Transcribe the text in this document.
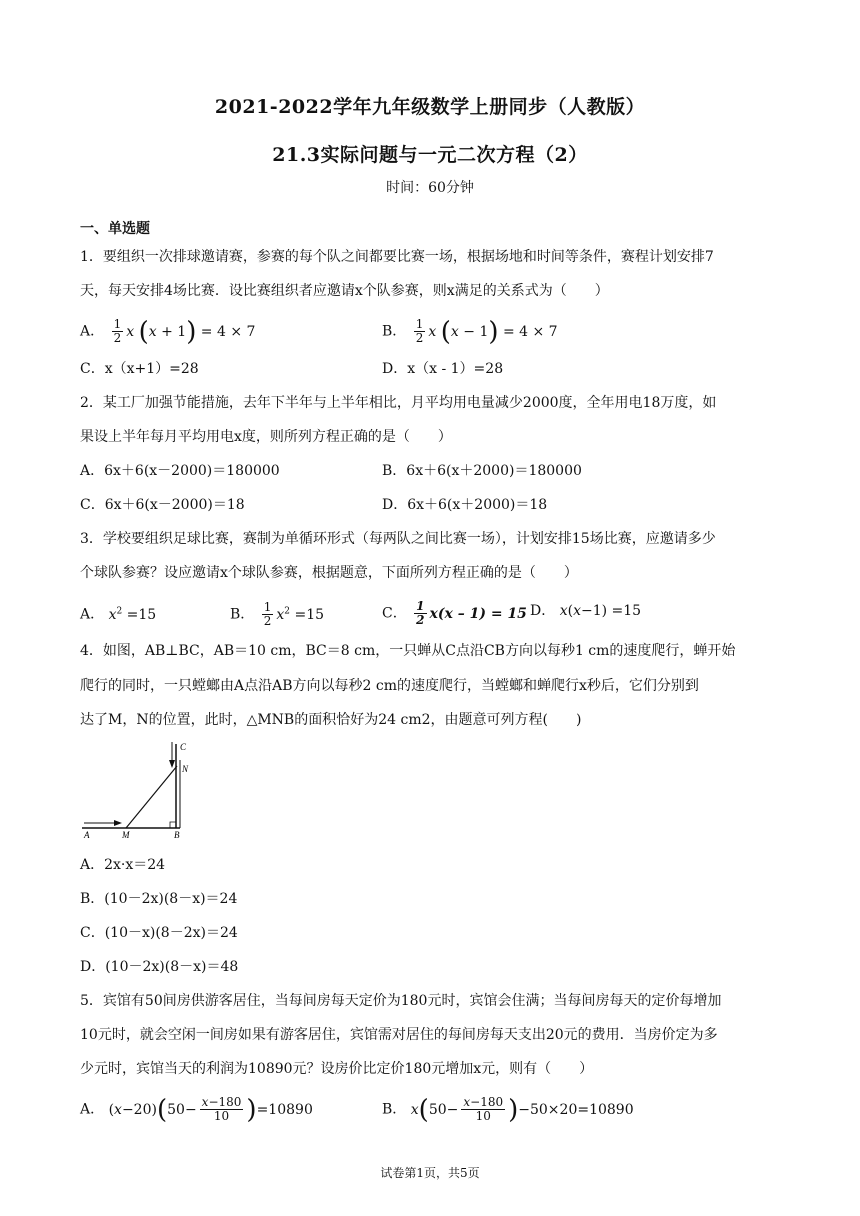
2021-2022学年九年级数学上册同步（人教版）
21.3实际问题与一元二次方程（2）
时间：60分钟
一、单选题
1．要组织一次排球邀请赛，参赛的每个队之间都要比赛一场，根据场地和时间等条件，赛程计划安排7
天，每天安排4场比赛．设比赛组织者应邀请x个队参赛，则x满足的关系式为（　　）
A． $\frac{1}{2}$ x (x + 1) = 4 × 7	B． $\frac{1}{2}$ x (x − 1) = 4 × 7
C．x（x+1）=28	D．x（x - 1）=28
2．某工厂加强节能措施，去年下半年与上半年相比，月平均用电量减少2000度，全年用电18万度，如
果设上半年每月平均用电x度，则所列方程正确的是（　　）
A．6x＋6(x－2000)＝180000	B．6x＋6(x＋2000)＝180000
C．6x＋6(x－2000)＝18	D．6x＋6(x＋2000)＝18
3．学校要组织足球比赛，赛制为单循环形式（每两队之间比赛一场），计划安排15场比赛，应邀请多少
个球队参赛？设应邀请x个球队参赛，根据题意，下面所列方程正确的是（　　）
A． $x^2 =15$	B． $\frac{1}{2} x^2 =15$	C． $\frac{1}{2} x(x - 1) = 15$ D． x(x−1) =15
4．如图，AB⊥BC，AB＝10 cm，BC＝8 cm，一只蝉从C点沿CB方向以每秒1 cm的速度爬行，蝉开始
爬行的同时，一只螳螂由A点沿AB方向以每秒2 cm的速度爬行，当螳螂和蝉爬行x秒后，它们分别到
达了M，N的位置，此时，△MNB的面积恰好为24 cm2，由题意可列方程(　　)
C
N
A	M	B
A．2x·x＝24
B．(10－2x)(8－x)＝24
C．(10－x)(8－2x)＝24
D．(10－2x)(8－x)＝48
5．宾馆有50间房供游客居住，当每间房每天定价为180元时，宾馆会住满；当每间房每天的定价每增加
10元时，就会空闲一间房如果有游客居住，宾馆需对居住的每间房每天支出20元的费用．当房价定为多
少元时，宾馆当天的利润为10890元？设房价比定价180元增加x元，则有（　　）
A． $(x-20)(50- \frac{x-180}{10} )=10890$	B． $x(50- \frac{x-180}{10} )-50\times 20=10890$
试卷第1页，共5页
